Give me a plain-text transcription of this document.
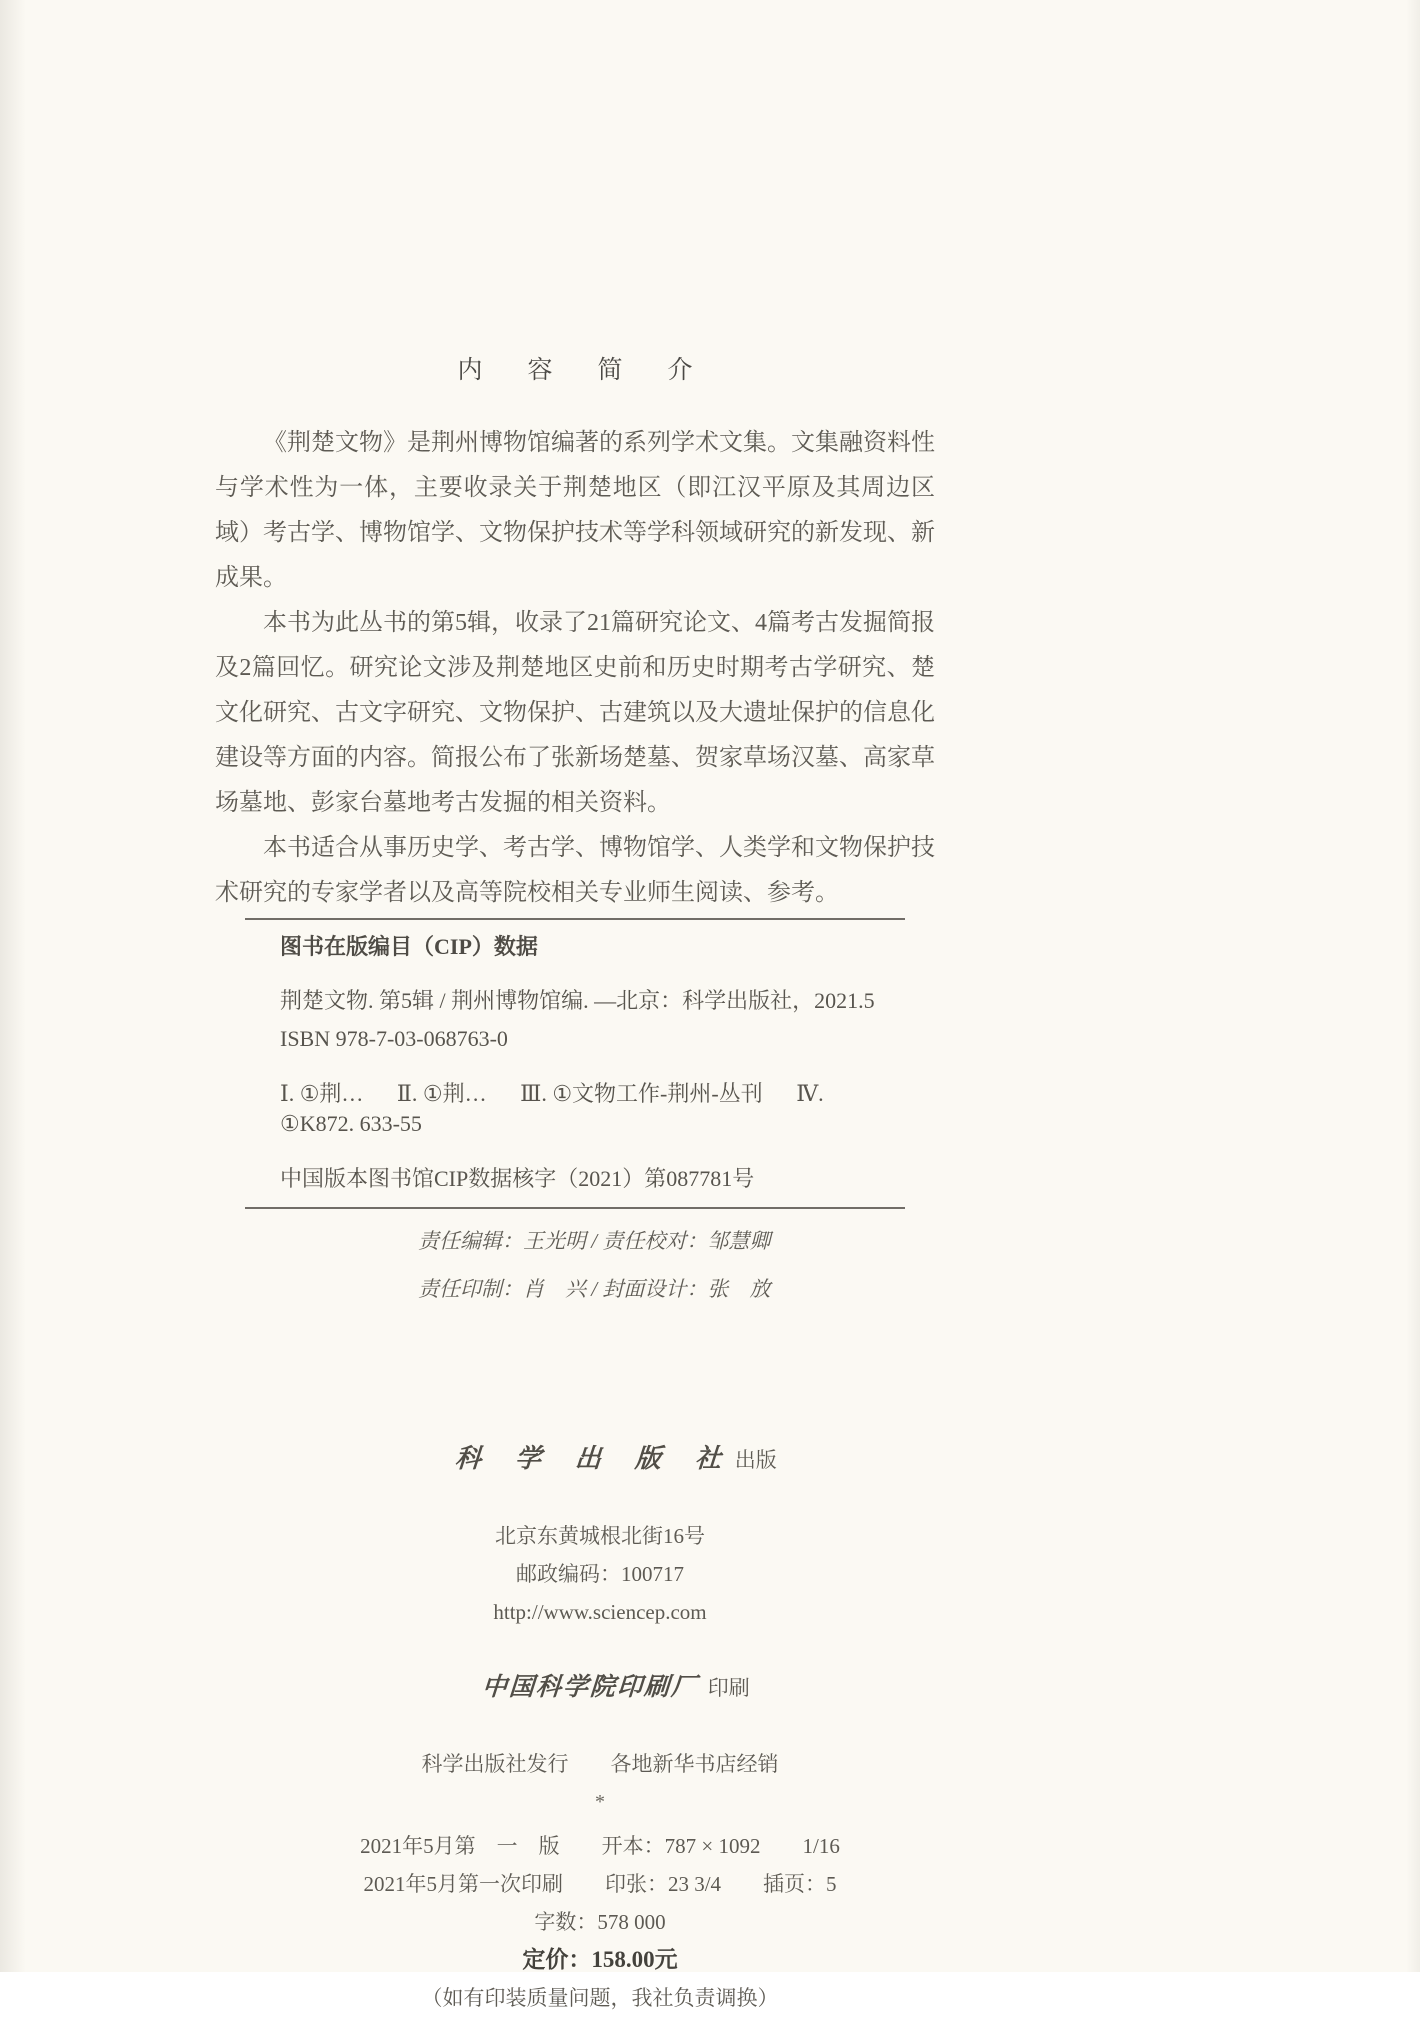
内　容　简　介

《荆楚文物》是荆州博物馆编著的系列学术文集。文集融资料性与学术性为一体，主要收录关于荆楚地区（即江汉平原及其周边区域）考古学、博物馆学、文物保护技术等学科领域研究的新发现、新成果。

本书为此丛书的第5辑，收录了21篇研究论文、4篇考古发掘简报及2篇回忆。研究论文涉及荆楚地区史前和历史时期考古学研究、楚文化研究、古文字研究、文物保护、古建筑以及大遗址保护的信息化建设等方面的内容。简报公布了张新场楚墓、贺家草场汉墓、高家草场墓地、彭家台墓地考古发掘的相关资料。

本书适合从事历史学、考古学、博物馆学、人类学和文物保护技术研究的专家学者以及高等院校相关专业师生阅读、参考。

图书在版编目（CIP）数据
荆楚文物. 第5辑 / 荆州博物馆编. —北京：科学出版社，2021.5
ISBN 978-7-03-068763-0
Ⅰ. ①荆… Ⅱ. ①荆… Ⅲ. ①文物工作-荆州-丛刊 Ⅳ. ①K872. 633-55
中国版本图书馆CIP数据核字（2021）第087781号
责任编辑：王光明 / 责任校对：邹慧卿
责任印制：肖　兴 / 封面设计：张　放

科　学　出　版　社 出版

北京东黄城根北街16号
邮政编码：100717
http://www.sciencep.com

中国科学院印刷厂 印刷

科学出版社发行　　各地新华书店经销
*
2021年5月第　一　版　　开本：787 × 1092　　1/16
2021年5月第一次印刷　　印张：23 3/4　　插页：5
字数：578 000
定价：158.00元
（如有印装质量问题，我社负责调换）
